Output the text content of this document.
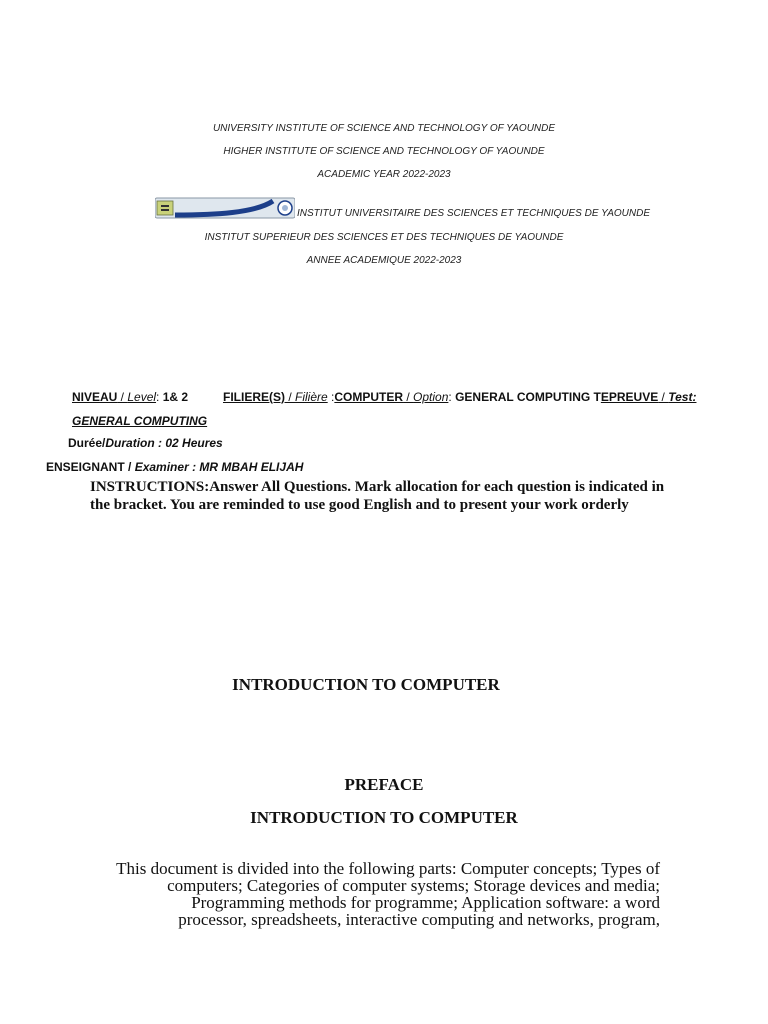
UNIVERSITY INSTITUTE OF SCIENCE AND TECHNOLOGY OF YAOUNDE
HIGHER INSTITUTE OF SCIENCE AND TECHNOLOGY OF YAOUNDE
ACADEMIC YEAR 2022-2023
INSTITUT UNIVERSITAIRE DES SCIENCES ET TECHNIQUES DE YAOUNDE
INSTITUT SUPERIEUR DES SCIENCES ET DES TECHNIQUES DE YAOUNDE
ANNEE ACADEMIQUE 2022-2023
NIVEAU / Level: 1& 2	FILIERE(S) / Filière :COMPUTER / Option: GENERAL COMPUTING TEPREUVE / Test:
GENERAL COMPUTING
Durée/Duration : 02 Heures
ENSEIGNANT / Examiner : MR MBAH ELIJAH
INSTRUCTIONS:Answer All Questions. Mark allocation for each question is indicated in the bracket. You are reminded to use good English and to present your work orderly
INTRODUCTION TO COMPUTER
PREFACE
INTRODUCTION TO COMPUTER
This document is divided into the following parts: Computer concepts; Types of
computers; Categories of computer systems; Storage devices and media;
Programming methods for programme; Application software: a word
processor, spreadsheets, interactive computing and networks, program,
